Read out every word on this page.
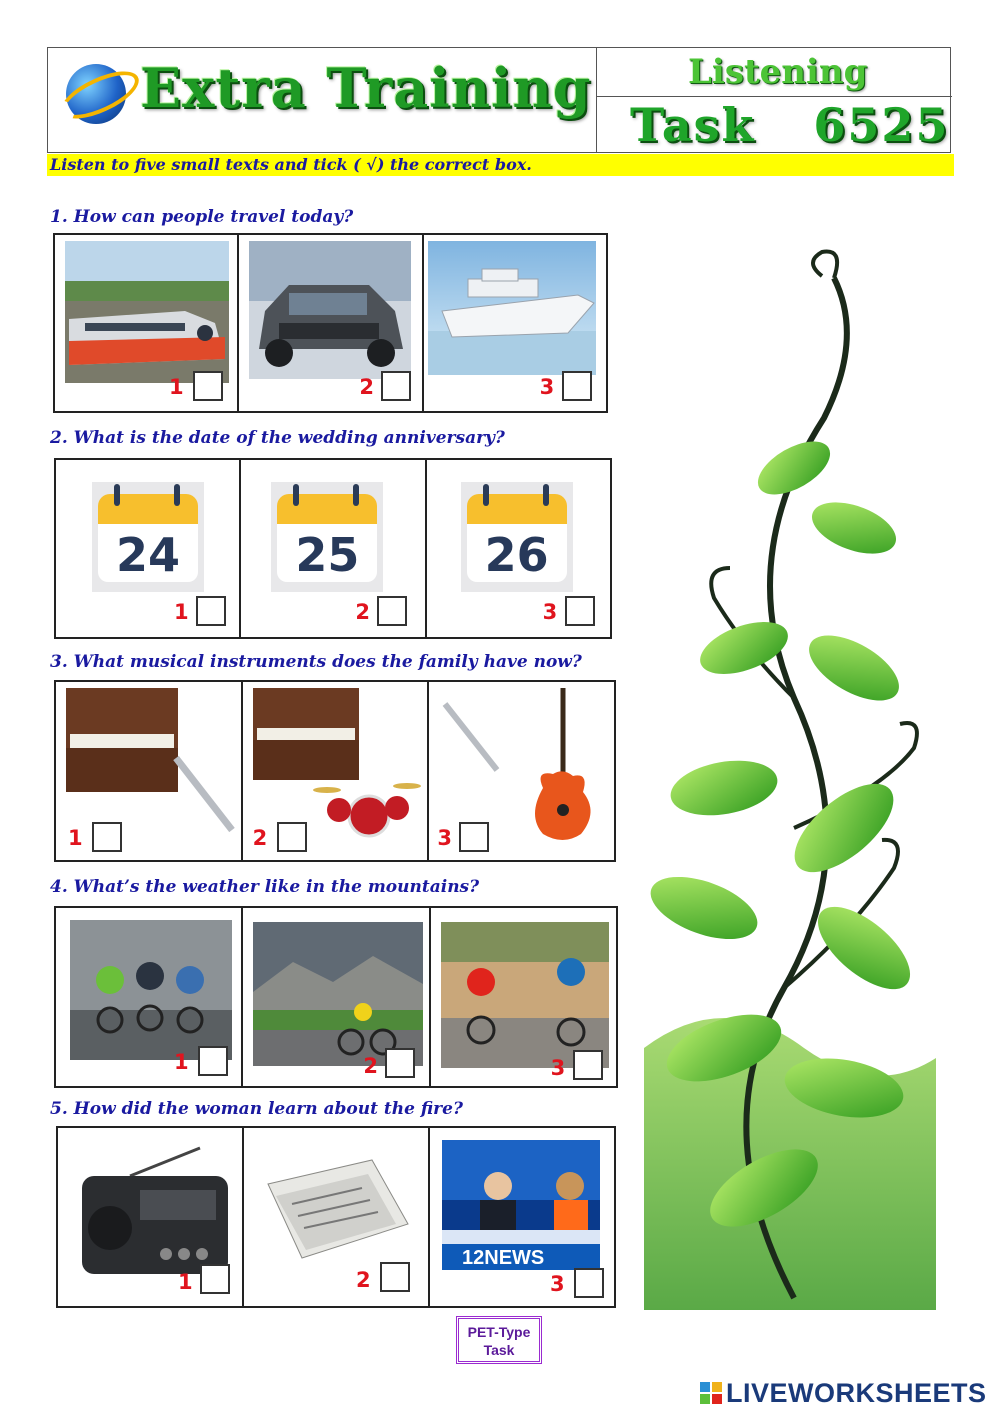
Extra Training	Listening
Task 6525
Listen to five small texts and tick ( √) the correct box.
1. How can people travel today?
1	2	3
2. What is the date of the wedding anniversary?
24
1
25
2
26
3
3. What musical instruments does the family have now?
1	2	3
4. What’s the weather like in the mountains?
1	2	3
5. How did the woman learn about the fire?
1	2
12NEWS
3
PET-Type
Task
LIVEWORKSHEETS
